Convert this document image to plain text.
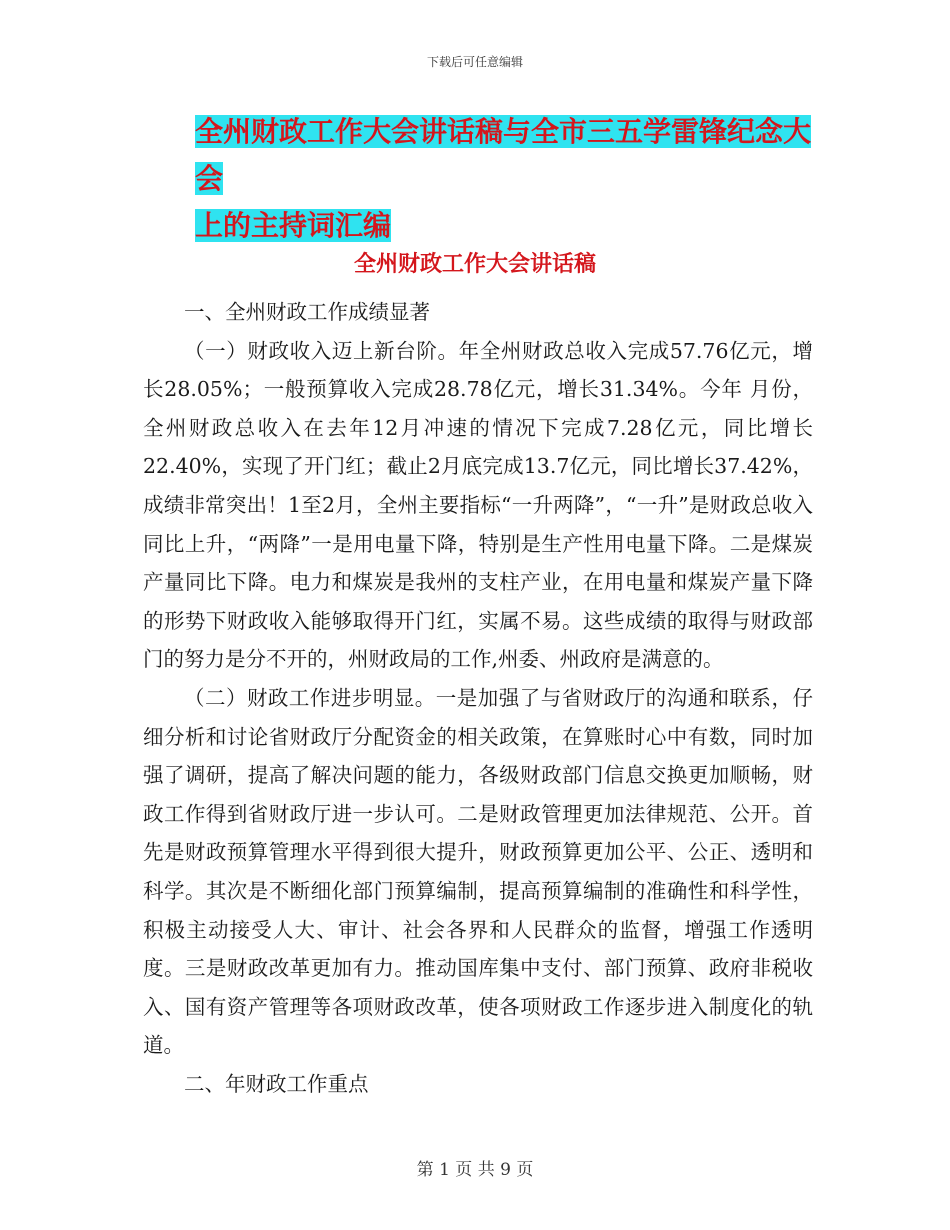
下载后可任意编辑
全州财政工作大会讲话稿与全市三五学雷锋纪念大会
上的主持词汇编
全州财政工作大会讲话稿

一、全州财政工作成绩显著

（一）财政收入迈上新台阶。年全州财政总收入完成57.76亿元，增长28.05%；一般预算收入完成28.78亿元，增长31.34%。今年 月份，全州财政总收入在去年12月冲速的情况下完成7.28亿元，同比增长22.40%，实现了开门红；截止2月底完成13.7亿元，同比增长37.42%，成绩非常突出！1至2月，全州主要指标“一升两降”，“一升”是财政总收入同比上升，“两降”一是用电量下降，特别是生产性用电量下降。二是煤炭产量同比下降。电力和煤炭是我州的支柱产业，在用电量和煤炭产量下降的形势下财政收入能够取得开门红，实属不易。这些成绩的取得与财政部门的努力是分不开的，州财政局的工作,州委、州政府是满意的。

（二）财政工作进步明显。一是加强了与省财政厅的沟通和联系，仔细分析和讨论省财政厅分配资金的相关政策，在算账时心中有数，同时加强了调研，提高了解决问题的能力，各级财政部门信息交换更加顺畅，财政工作得到省财政厅进一步认可。二是财政管理更加法律规范、公开。首先是财政预算管理水平得到很大提升，财政预算更加公平、公正、透明和科学。其次是不断细化部门预算编制，提高预算编制的准确性和科学性，积极主动接受人大、审计、社会各界和人民群众的监督，增强工作透明度。三是财政改革更加有力。推动国库集中支付、部门预算、政府非税收入、国有资产管理等各项财政改革，使各项财政工作逐步进入制度化的轨道。

二、年财政工作重点

第 1 页 共 9 页
